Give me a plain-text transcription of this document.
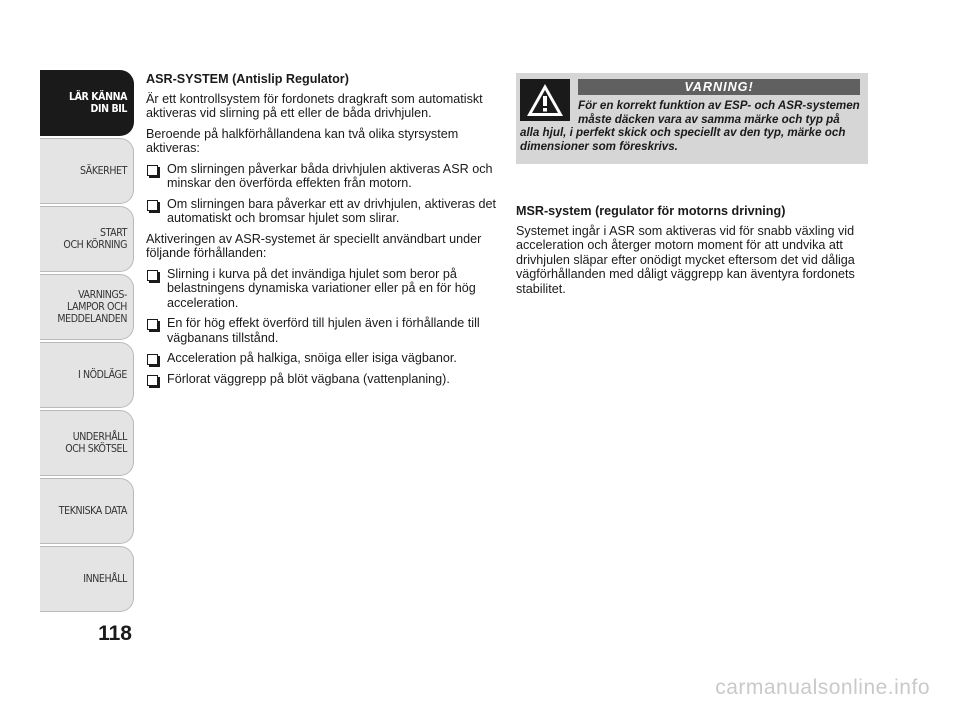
LÄR KÄNNA
DIN BIL
SÄKERHET
START
OCH KÖRNING
VARNINGS-
LAMPOR OCH
MEDDELANDEN
I NÖDLÄGE
UNDERHÅLL
OCH SKÖTSEL
TEKNISKA DATA
INNEHÅLL
118
ASR-SYSTEM (Antislip Regulator)

Är ett kontrollsystem för fordonets dragkraft som automatiskt aktiveras vid slirning på ett eller de båda drivhjulen.

Beroende på halkförhållandena kan två olika styrsystem aktiveras:

Om slirningen påverkar båda drivhjulen aktiveras ASR och minskar den överförda effekten från motorn.
Om slirningen bara påverkar ett av drivhjulen, aktiveras det automatiskt och bromsar hjulet som slirar.

Aktiveringen av ASR-systemet är speciellt användbart under följande förhållanden:

Slirning i kurva på det invändiga hjulet som beror på belastningens dynamiska variationer eller på en för hög acceleration.
En för hög effekt överförd till hjulen även i förhållande till vägbanans tillstånd.
Acceleration på halkiga, snöiga eller isiga vägbanor.
Förlorat väggrepp på blöt vägbana (vattenplaning).
VARNING!
För en korrekt funktion av ESP- och ASR-systemen måste däcken vara av samma märke och typ på alla hjul, i perfekt skick och speciellt av den typ, märke och dimensioner som föreskrivs.
MSR-system (regulator för motorns drivning)

Systemet ingår i ASR som aktiveras vid för snabb växling vid acceleration och återger motorn moment för att undvika att drivhjulen släpar efter onödigt mycket eftersom det vid dåliga vägförhållanden med dåligt väggrepp kan äventyra fordonets stabilitet.

carmanualsonline.info
